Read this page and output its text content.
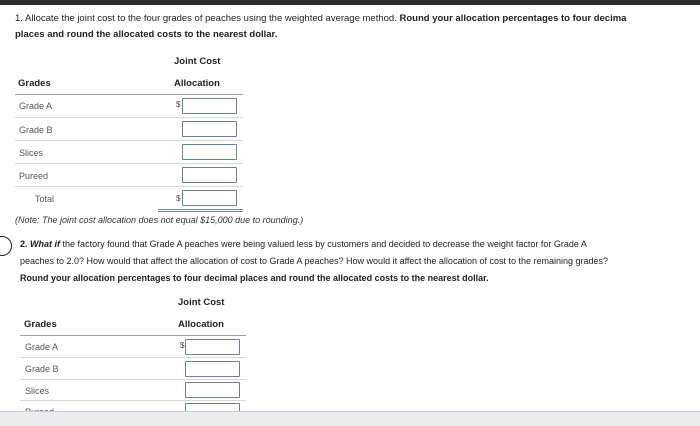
1. Allocate the joint cost to the four grades of peaches using the weighted average method. Round your allocation percentages to four decima
places and round the allocated costs to the nearest dollar.
Joint Cost
Grades	Allocation
Grade A	$
Grade B
Slices
Pureed
Total	$
(Note: The joint cost allocation does not equal $15,000 due to rounding.)
2. What if the factory found that Grade A peaches were being valued less by customers and decided to decrease the weight factor for Grade A
peaches to 2.0? How would that affect the allocation of cost to Grade A peaches? How would it affect the allocation of cost to the remaining grades?
Round your allocation percentages to four decimal places and round the allocated costs to the nearest dollar.
Joint Cost
Grades	Allocation
Grade A	$
Grade B
Slices
